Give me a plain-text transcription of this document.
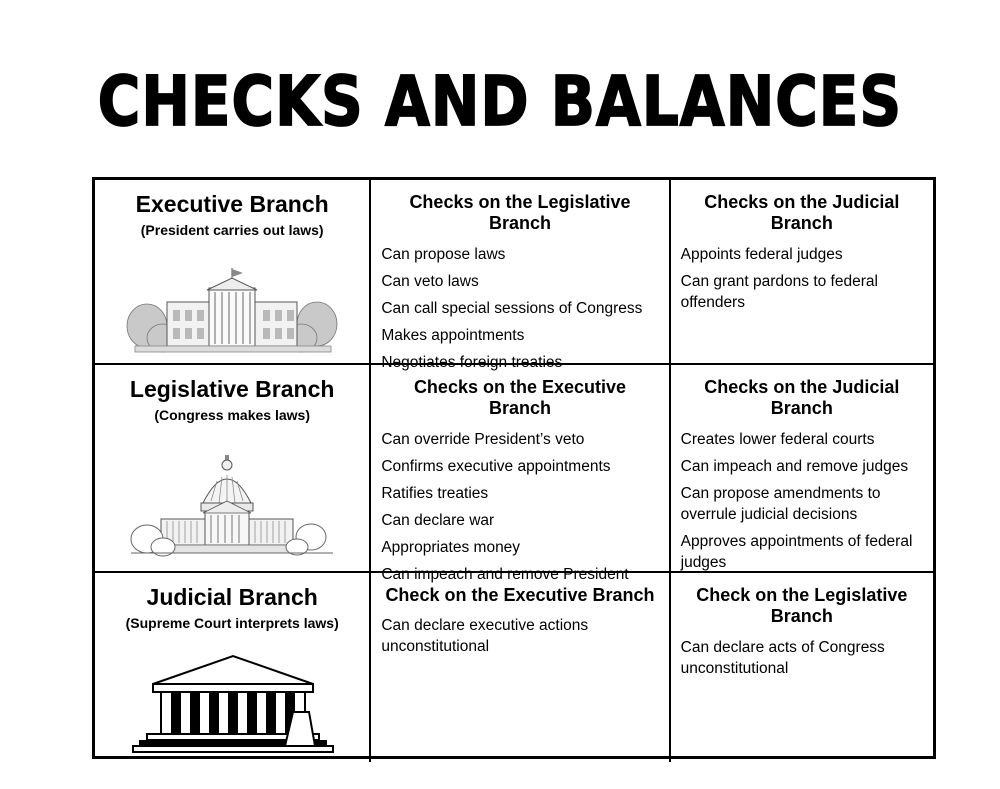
CHECKS AND BALANCES
Executive Branch
(President carries out laws)
Checks on the Legislative Branch
Can propose laws
Can veto laws
Can call special sessions of Congress
Makes appointments
Negotiates foreign treaties
Checks on the Judicial Branch
Appoints federal judges
Can grant pardons to federal offenders
Legislative Branch
(Congress makes laws)
Checks on the Executive Branch
Can override President’s veto
Confirms executive appointments
Ratifies treaties
Can declare war
Appropriates money
Can impeach and remove President
Checks on the Judicial Branch
Creates lower federal courts
Can impeach and remove judges
Can propose amendments to overrule judicial decisions
Approves appointments of federal judges
Judicial Branch
(Supreme Court interprets laws)
Check on the Executive Branch
Can declare executive actions unconstitutional
Check on the Legislative Branch
Can declare acts of Congress unconstitutional
